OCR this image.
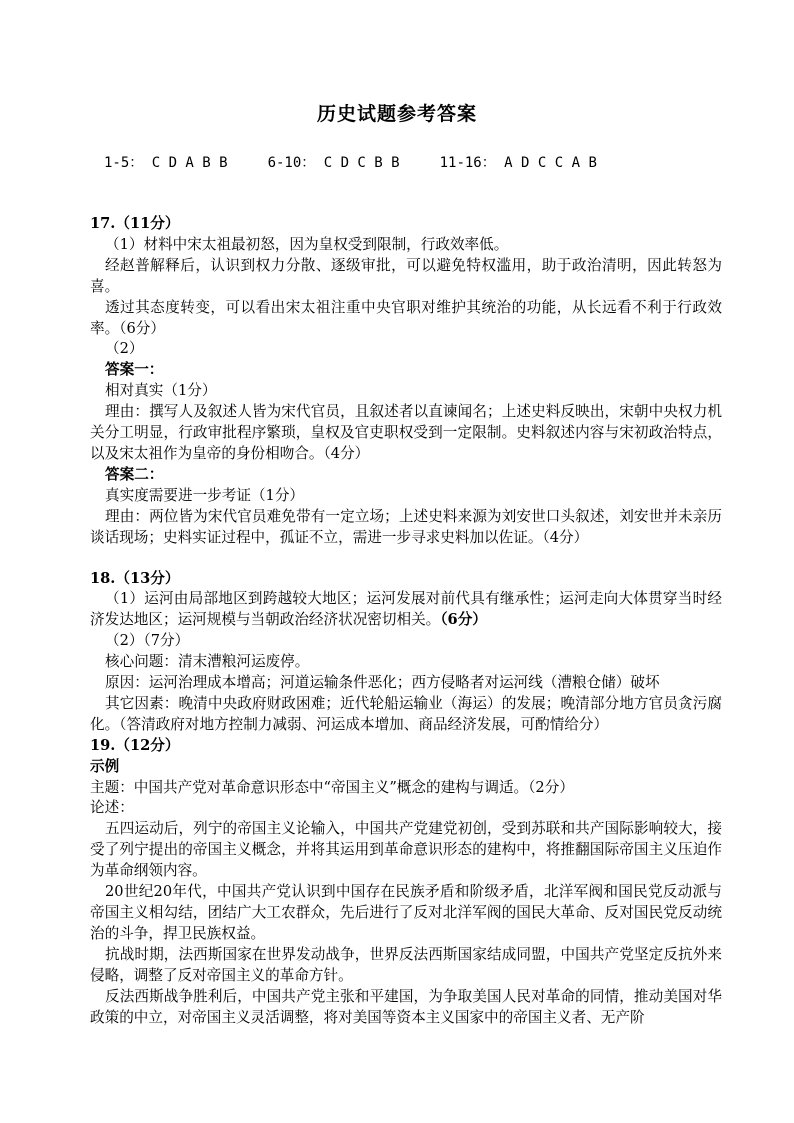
历史试题参考答案
1-5： C D A B B	6-10： C D C B B	11-16： A D C C A B

17.（11分）

（1）材料中宋太祖最初怒，因为皇权受到限制，行政效率低。

经赵普解释后，认识到权力分散、逐级审批，可以避免特权滥用，助于政治清明，因此转怒为喜。

透过其态度转变，可以看出宋太祖注重中央官职对维护其统治的功能，从长远看不利于行政效率。（6分）

（2）

答案一：

相对真实（1分）

理由：撰写人及叙述人皆为宋代官员，且叙述者以直谏闻名；上述史料反映出，宋朝中央权力机关分工明显，行政审批程序繁琐，皇权及官吏职权受到一定限制。史料叙述内容与宋初政治特点，以及宋太祖作为皇帝的身份相吻合。（4分）

答案二：

真实度需要进一步考证（1分）

理由：两位皆为宋代官员难免带有一定立场；上述史料来源为刘安世口头叙述，刘安世并未亲历谈话现场；史料实证过程中，孤证不立，需进一步寻求史料加以佐证。（4分）

18.（13分）

（1）运河由局部地区到跨越较大地区；运河发展对前代具有继承性；运河走向大体贯穿当时经济发达地区；运河规模与当朝政治经济状况密切相关。（6分）

（2）（7分）

核心问题：清末漕粮河运废停。

原因：运河治理成本增高；河道运输条件恶化；西方侵略者对运河线（漕粮仓储）破坏

其它因素：晚清中央政府财政困难；近代轮船运输业（海运）的发展；晚清部分地方官员贪污腐化。（答清政府对地方控制力减弱、河运成本增加、商品经济发展，可酌情给分）

19.（12分）

示例

主题：中国共产党对革命意识形态中“帝国主义”概念的建构与调适。（2分）

论述：

五四运动后，列宁的帝国主义论输入，中国共产党建党初创，受到苏联和共产国际影响较大，接受了列宁提出的帝国主义概念，并将其运用到革命意识形态的建构中，将推翻国际帝国主义压迫作为革命纲领内容。

20世纪20年代，中国共产党认识到中国存在民族矛盾和阶级矛盾，北洋军阀和国民党反动派与帝国主义相勾结，团结广大工农群众，先后进行了反对北洋军阀的国民大革命、反对国民党反动统治的斗争，捍卫民族权益。

抗战时期，法西斯国家在世界发动战争，世界反法西斯国家结成同盟，中国共产党坚定反抗外来侵略，调整了反对帝国主义的革命方针。

反法西斯战争胜利后，中国共产党主张和平建国，为争取美国人民对革命的同情，推动美国对华政策的中立，对帝国主义灵活调整，将对美国等资本主义国家中的帝国主义者、无产阶
